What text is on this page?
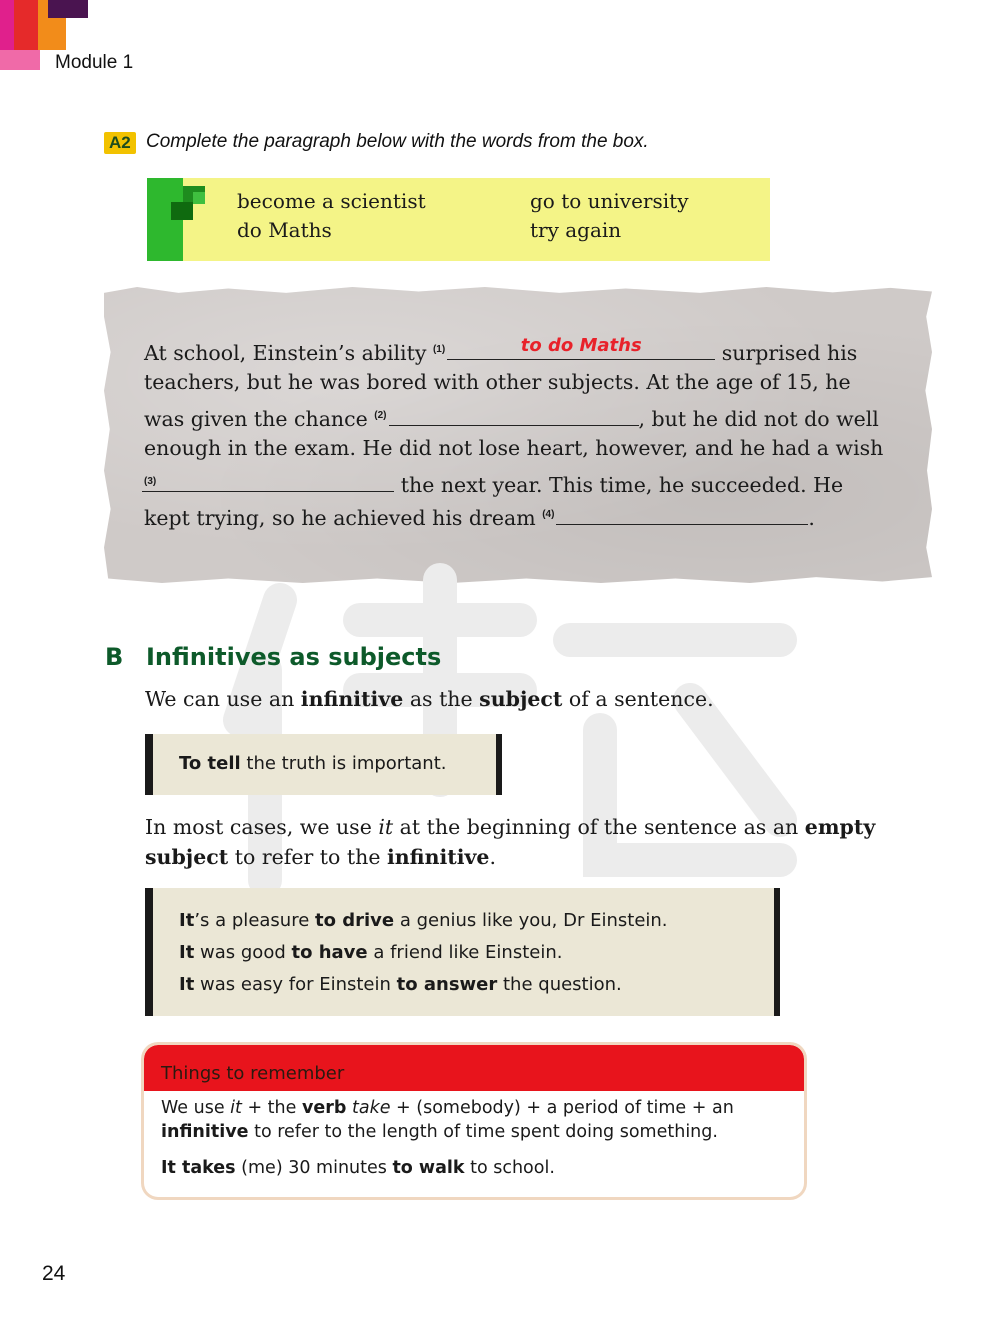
Module 1
A2 Complete the paragraph below with the words from the box.
become a scientist	go to university
do Maths	try again
At school, Einstein’s ability $^{(1)}$	to do Maths	surprised his
teachers, but he was bored with other subjects. At the age of 15, he
was given the chance $^{(2)}$	, but he did not do well
enough in the exam. He did not lose heart, however, and he had a wish
$^{(3)}$	the next year. This time, he succeeded. He
kept trying, so he achieved his dream $^{(4)}$	.
B Infinitives as subjects
We can use an infinitive as the subject of a sentence.
To tell the truth is important.
In most cases, we use it at the beginning of the sentence as an empty
subject to refer to the infinitive.
It’s a pleasure to drive a genius like you, Dr Einstein.
It was good to have a friend like Einstein.
It was easy for Einstein to answer the question.
Things to remember
We use it + the verb take + (somebody) + a period of time + an
infinitive to refer to the length of time spent doing something.
It takes (me) 30 minutes to walk to school.
24
